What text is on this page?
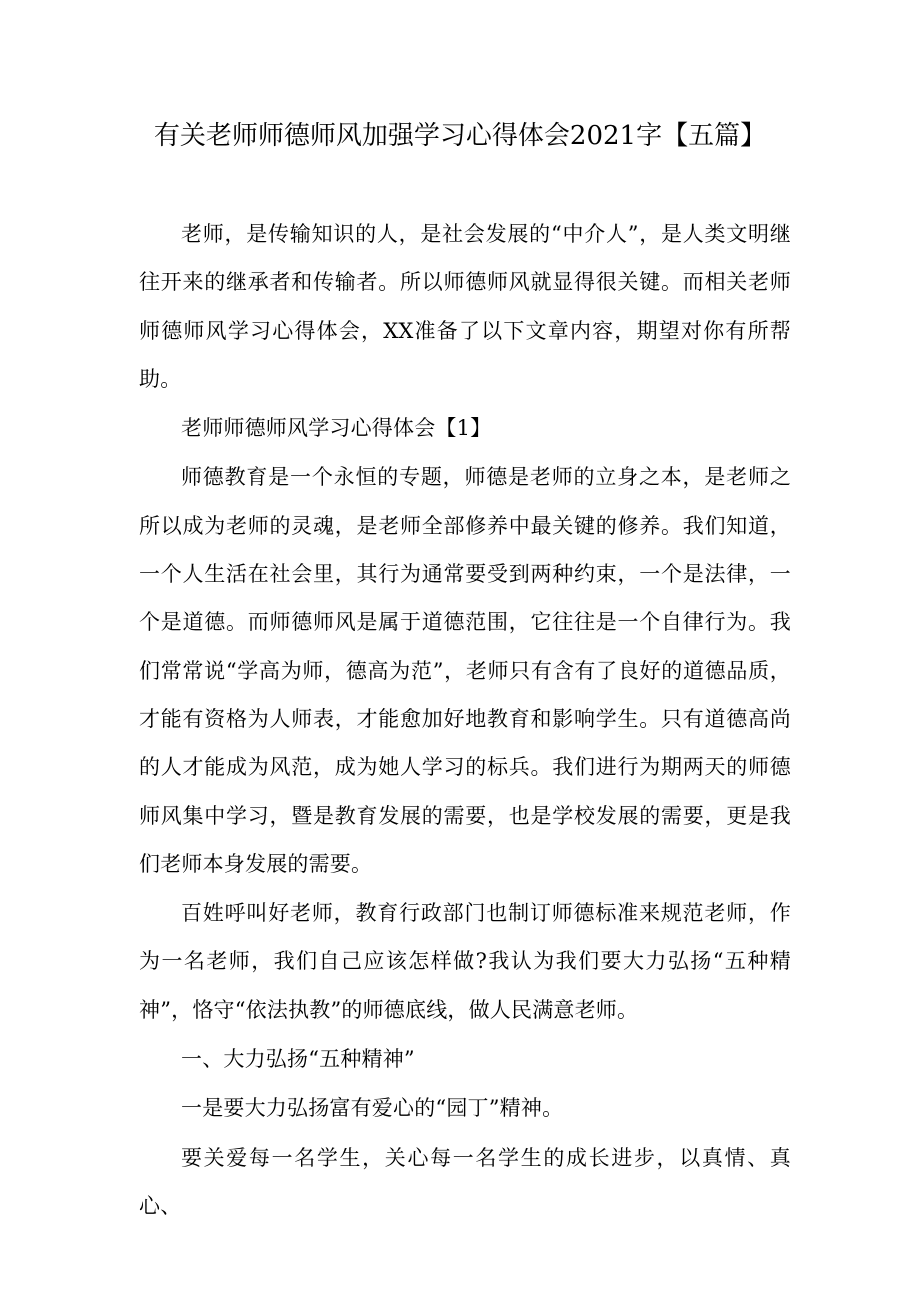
有关老师师德师风加强学习心得体会2021字【五篇】

老师，是传输知识的人，是社会发展的“中介人”，是人类文明继往开来的继承者和传输者。所以师德师风就显得很关键。而相关老师师德师风学习心得体会，XX准备了以下文章内容，期望对你有所帮助。

老师师德师风学习心得体会【1】

师德教育是一个永恒的专题，师德是老师的立身之本，是老师之所以成为老师的灵魂，是老师全部修养中最关键的修养。我们知道，一个人生活在社会里，其行为通常要受到两种约束，一个是法律，一个是道德。而师德师风是属于道德范围，它往往是一个自律行为。我们常常说“学高为师，德高为范”，老师只有含有了良好的道德品质，才能有资格为人师表，才能愈加好地教育和影响学生。只有道德高尚的人才能成为风范，成为她人学习的标兵。我们进行为期两天的师德师风集中学习，暨是教育发展的需要，也是学校发展的需要，更是我们老师本身发展的需要。

百姓呼叫好老师，教育行政部门也制订师德标准来规范老师，作为一名老师，我们自己应该怎样做?我认为我们要大力弘扬“五种精神”，恪守“依法执教”的师德底线，做人民满意老师。

一、大力弘扬“五种精神”

一是要大力弘扬富有爱心的“园丁”精神。

要关爱每一名学生，关心每一名学生的成长进步，以真情、真心、
